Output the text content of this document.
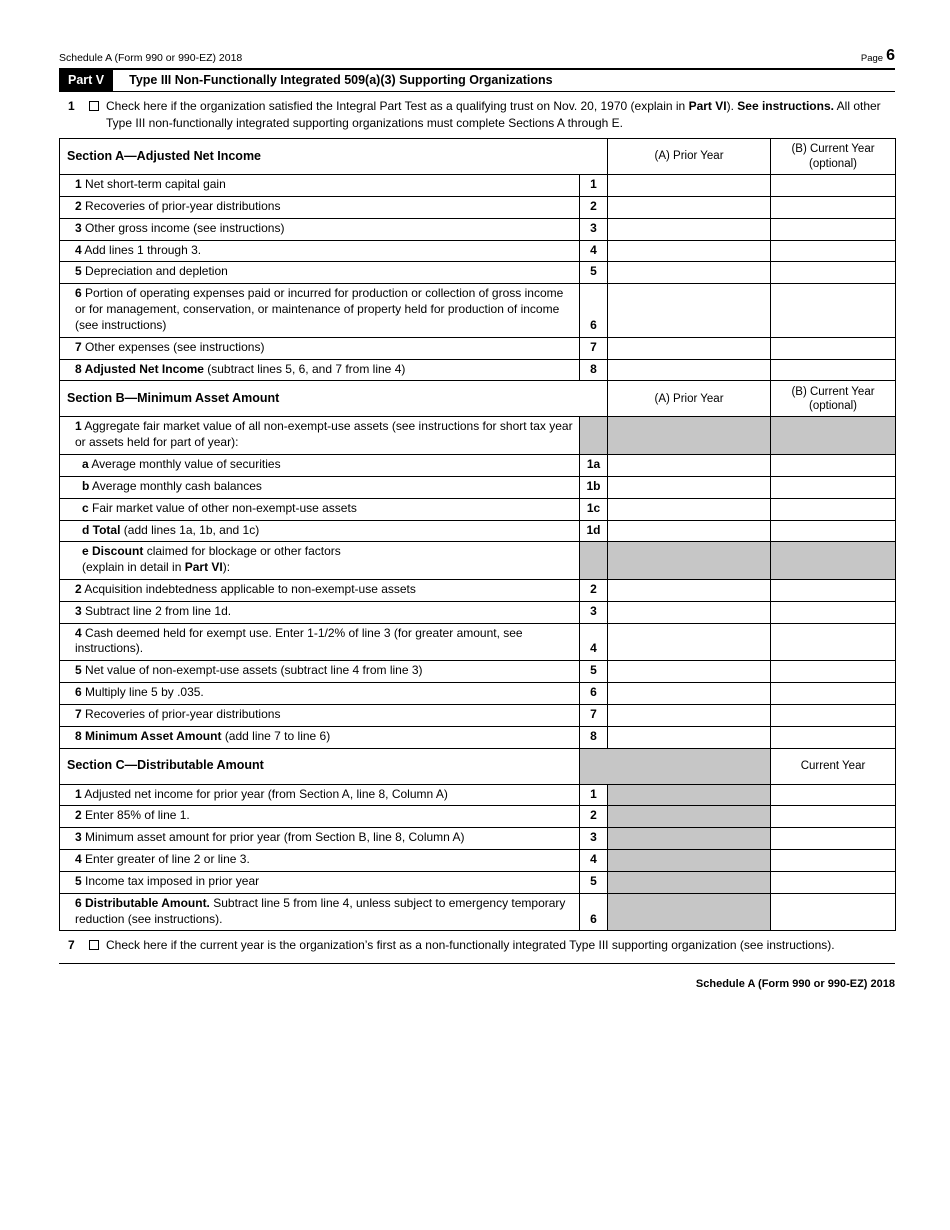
Schedule A (Form 990 or 990-EZ) 2018	Page 6
Part V	Type III Non-Functionally Integrated 509(a)(3) Supporting Organizations
1	Check here if the organization satisfied the Integral Part Test as a qualifying trust on Nov. 20, 1970 (explain in Part VI). See instructions. All other Type III non-functionally integrated supporting organizations must complete Sections A through E.
Section A—Adjusted Net Income		(A) Prior Year	(B) Current Year (optional)
1 Net short-term capital gain	1		
2 Recoveries of prior-year distributions	2		
3 Other gross income (see instructions)	3		
4 Add lines 1 through 3.	4		
5 Depreciation and depletion	5		
6 Portion of operating expenses paid or incurred for production or collection of gross income or for management, conservation, or maintenance of property held for production of income (see instructions)	6		
7 Other expenses (see instructions)	7		
8 Adjusted Net Income (subtract lines 5, 6, and 7 from line 4)	8		
Section B—Minimum Asset Amount		(A) Prior Year	(B) Current Year (optional)
1 Aggregate fair market value of all non-exempt-use assets (see instructions for short tax year or assets held for part of year):			
a Average monthly value of securities	1a		
b Average monthly cash balances	1b		
c Fair market value of other non-exempt-use assets	1c		
d Total (add lines 1a, 1b, and 1c)	1d		

e Discount claimed for blockage or other factors (explain in detail in Part VI):			

2 Acquisition indebtedness applicable to non-exempt-use assets	2		
3 Subtract line 2 from line 1d.	3		
4 Cash deemed held for exempt use. Enter 1-1/2% of line 3 (for greater amount, see instructions).	4		
5 Net value of non-exempt-use assets (subtract line 4 from line 3)	5		
6 Multiply line 5 by .035.	6		
7 Recoveries of prior-year distributions	7		
8 Minimum Asset Amount (add line 7 to line 6)	8		
Section C—Distributable Amount			Current Year
1 Adjusted net income for prior year (from Section A, line 8, Column A)	1		
2 Enter 85% of line 1.	2		
3 Minimum asset amount for prior year (from Section B, line 8, Column A)	3		
4 Enter greater of line 2 or line 3.	4		
5 Income tax imposed in prior year	5		
6 Distributable Amount. Subtract line 5 from line 4, unless subject to emergency temporary reduction (see instructions).	6		
7	Check here if the current year is the organization’s first as a non-functionally integrated Type III supporting organization (see instructions).
Schedule A (Form 990 or 990-EZ) 2018
